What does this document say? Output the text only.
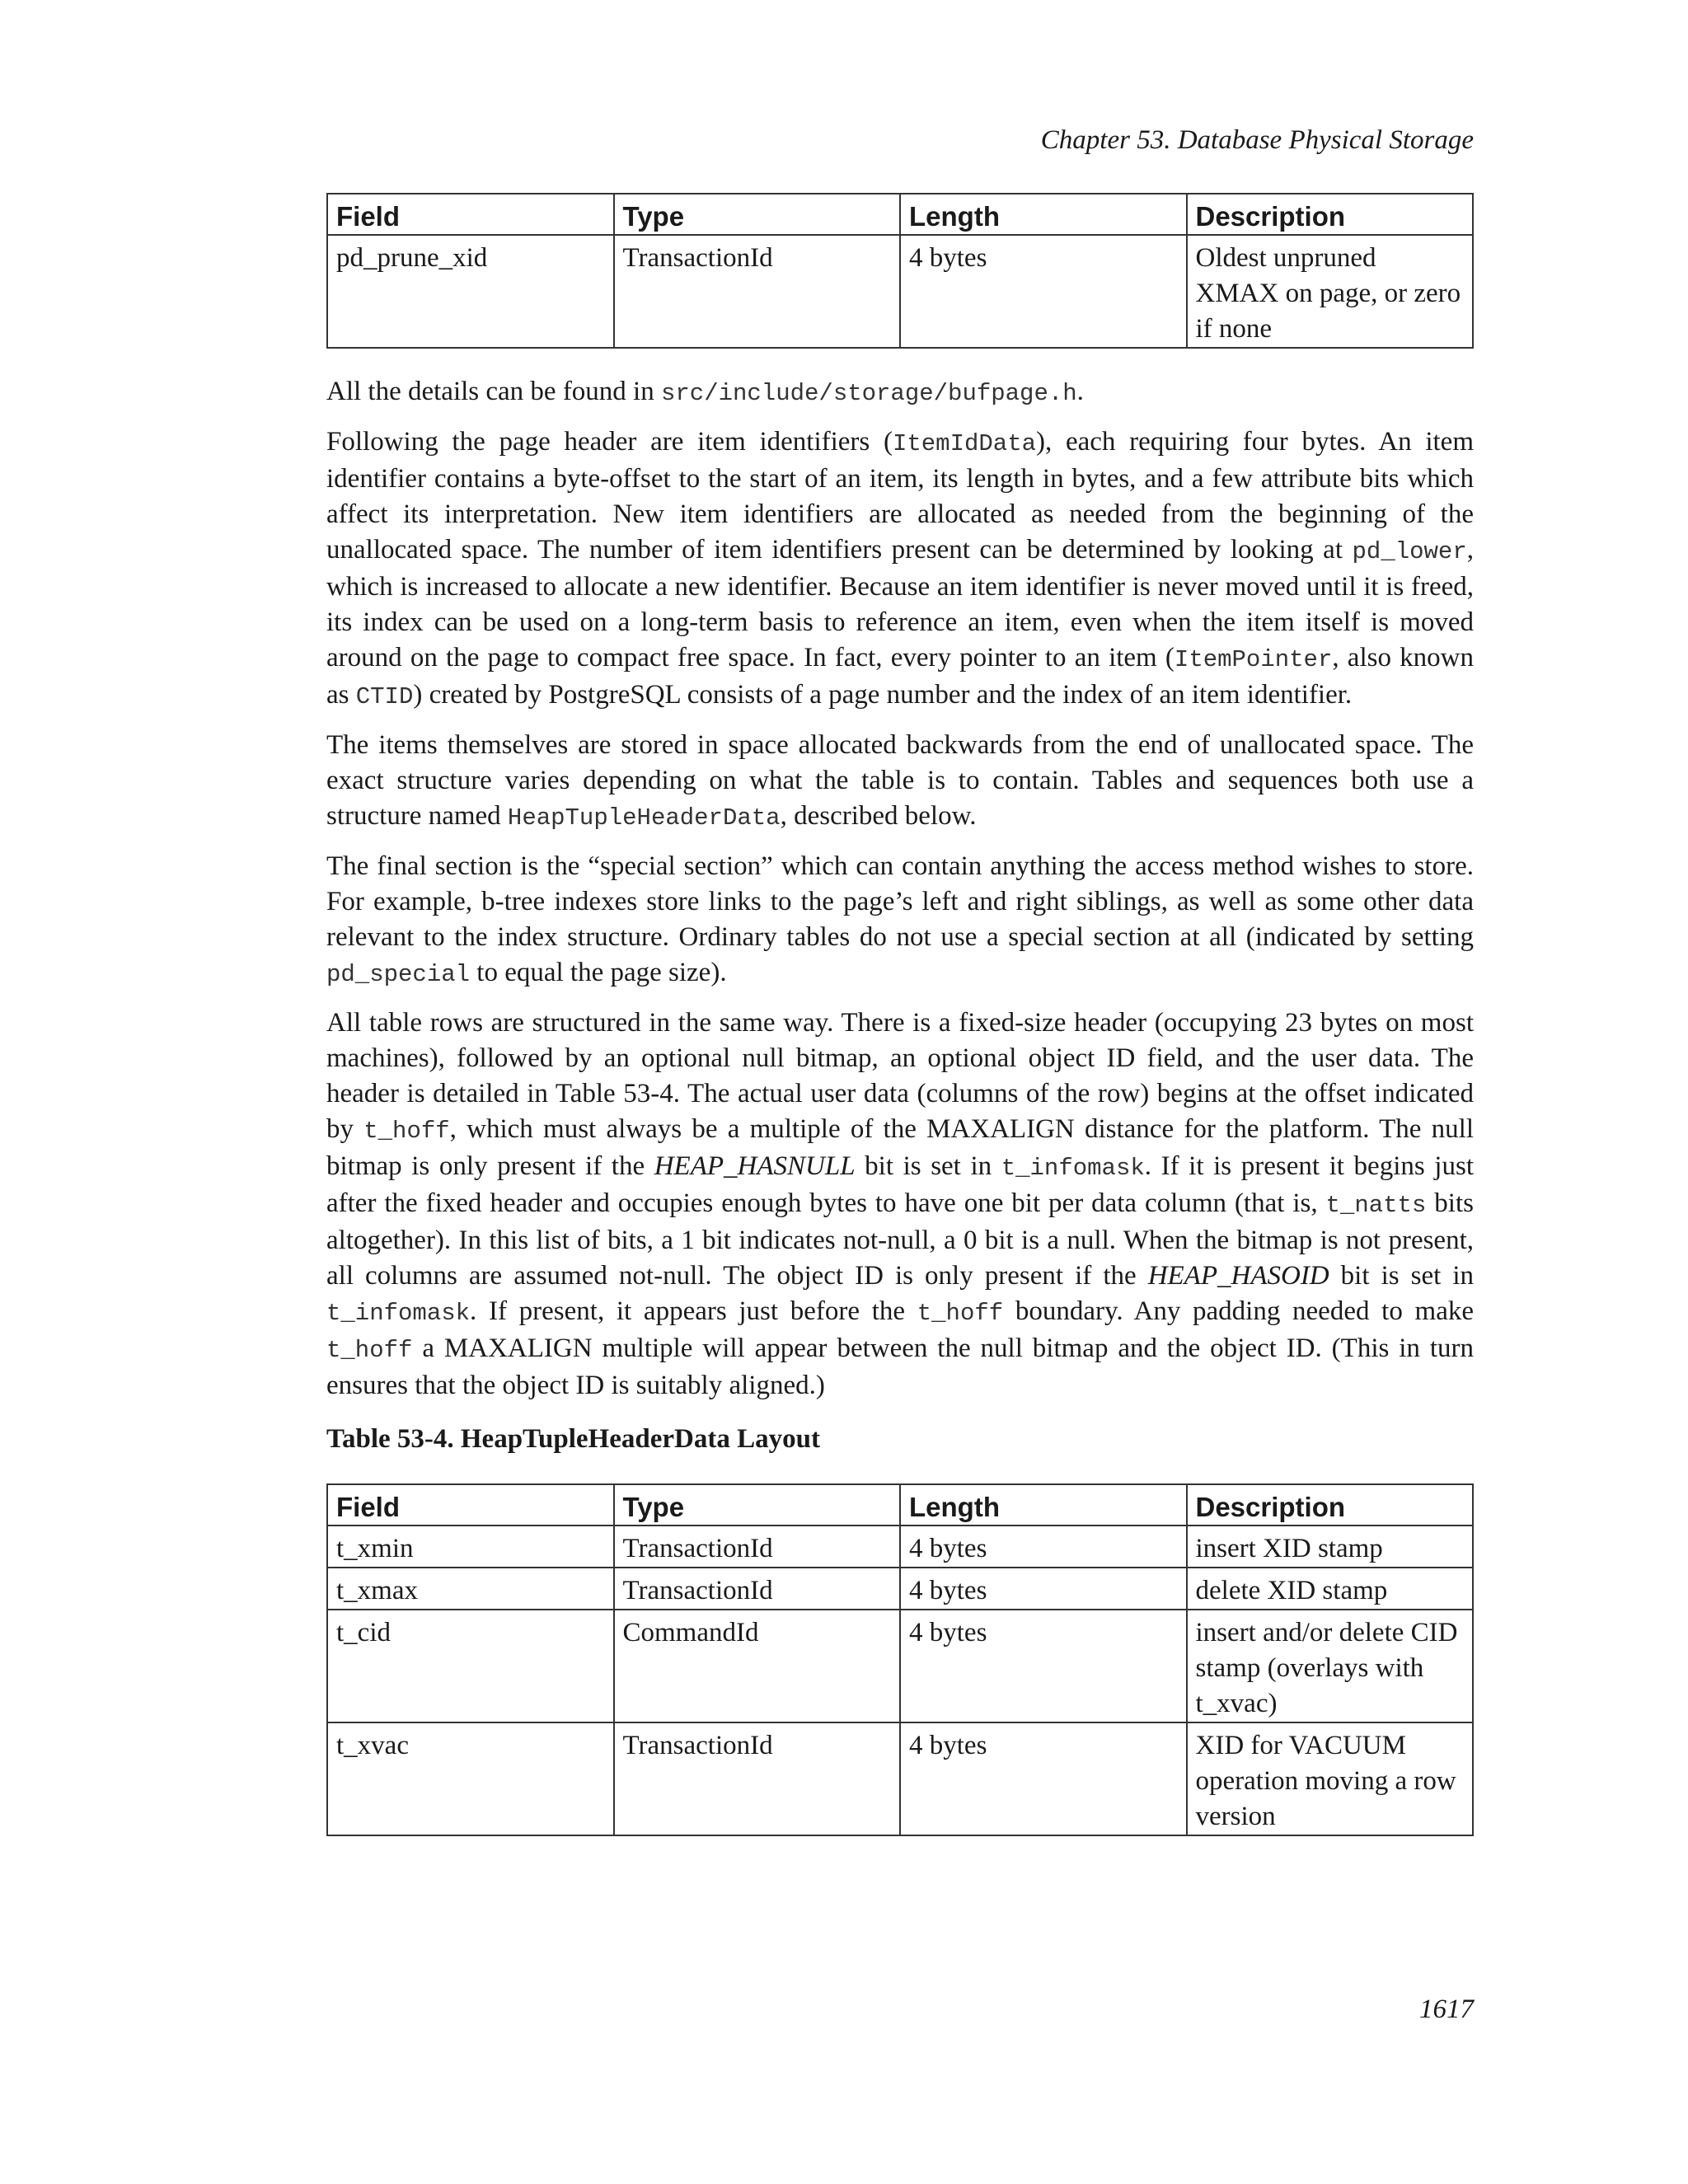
Chapter 53. Database Physical Storage
Field	Type	Length	Description
pd_prune_xid	TransactionId	4 bytes	Oldest unpruned XMAX on page, or zero if none

All the details can be found in src/include/storage/bufpage.h.

Following the page header are item identifiers (ItemIdData), each requiring four bytes. An item identifier contains a byte-offset to the start of an item, its length in bytes, and a few attribute bits which affect its interpretation. New item identifiers are allocated as needed from the beginning of the unallocated space. The number of item identifiers present can be determined by looking at pd_lower, which is increased to allocate a new identifier. Because an item identifier is never moved until it is freed, its index can be used on a long-term basis to reference an item, even when the item itself is moved around on the page to compact free space. In fact, every pointer to an item (ItemPointer, also known as CTID) created by PostgreSQL consists of a page number and the index of an item identifier.

The items themselves are stored in space allocated backwards from the end of unallocated space. The exact structure varies depending on what the table is to contain. Tables and sequences both use a structure named HeapTupleHeaderData, described below.

The final section is the “special section” which can contain anything the access method wishes to store. For example, b-tree indexes store links to the page’s left and right siblings, as well as some other data relevant to the index structure. Ordinary tables do not use a special section at all (indicated by setting pd_special to equal the page size).

All table rows are structured in the same way. There is a fixed-size header (occupying 23 bytes on most machines), followed by an optional null bitmap, an optional object ID field, and the user data. The header is detailed in Table 53-4. The actual user data (columns of the row) begins at the offset indicated by t_hoff, which must always be a multiple of the MAXALIGN distance for the platform. The null bitmap is only present if the HEAP_HASNULL bit is set in t_infomask. If it is present it begins just after the fixed header and occupies enough bytes to have one bit per data column (that is, t_natts bits altogether). In this list of bits, a 1 bit indicates not-null, a 0 bit is a null. When the bitmap is not present, all columns are assumed not-null. The object ID is only present if the HEAP_HASOID bit is set in t_infomask. If present, it appears just before the t_hoff boundary. Any padding needed to make t_hoff a MAXALIGN multiple will appear between the null bitmap and the object ID. (This in turn ensures that the object ID is suitably aligned.)

Table 53-4. HeapTupleHeaderData Layout
Field	Type	Length	Description
t_xmin	TransactionId	4 bytes	insert XID stamp
t_xmax	TransactionId	4 bytes	delete XID stamp
t_cid	CommandId	4 bytes	insert and/or delete CID stamp (overlays with t_xvac)
t_xvac	TransactionId	4 bytes	XID for VACUUM operation moving a row version
1617
